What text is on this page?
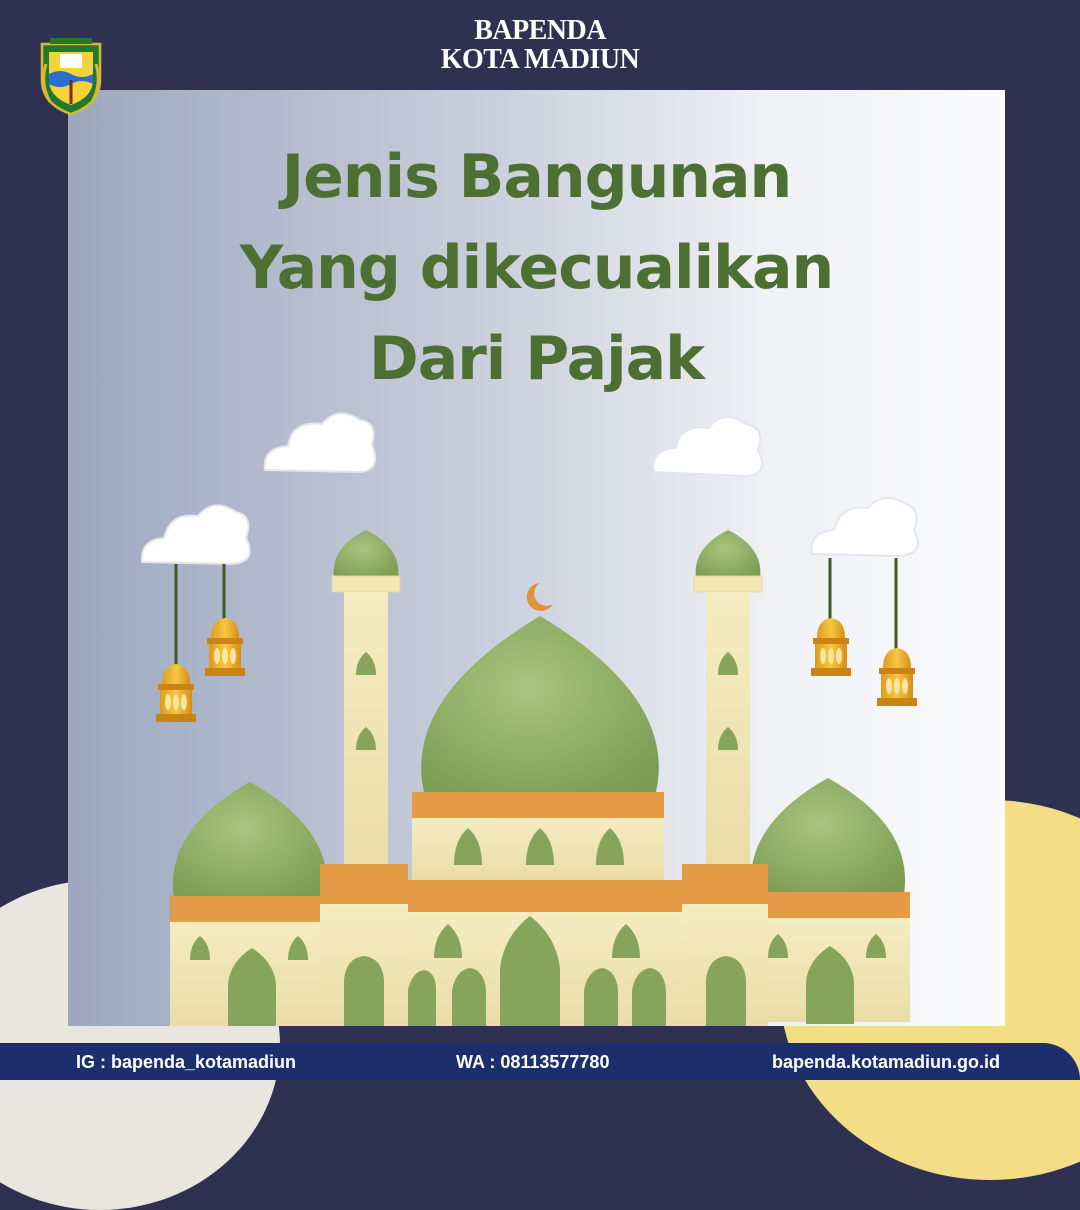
BAPENDA
KOTA MADIUN
Jenis Bangunan
Yang dikecualikan
Dari Pajak
IG : bapenda_kotamadiun	WA : 08113577780	bapenda.kotamadiun.go.id
